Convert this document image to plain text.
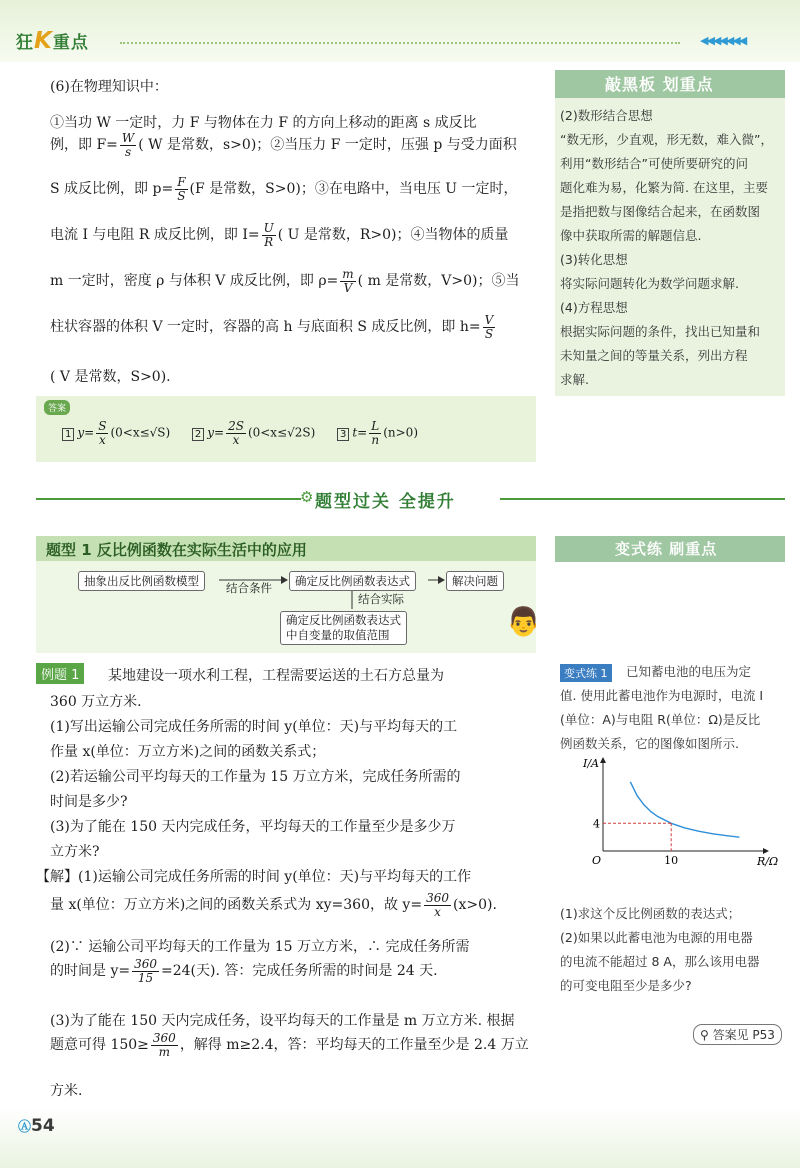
狂K重点	◀◀◀◀◀◀◀
(6)在物理知识中：
①当功 W 一定时，力 F 与物体在力 F 的方向上移动的距离 s 成反比
例，即 $F= \frac{W}{s}$ ( W 是常数，s>0)；②当压力 F 一定时，压强 p 与受力面积
S 成反比例，即 $p= \frac{F}{S} (F$ 是常数，S>0)；③在电路中，当电压 U 一定时，
电流 I 与电阻 R 成反比例，即 $I= \frac{U}{R}$ ( U 是常数，R>0)；④当物体的质量
m 一定时，密度 ρ 与体积 V 成反比例，即 $\rho= \frac{m}{V}$ ( m 是常数，V>0)；⑤当
柱状容器的体积 V 一定时，容器的高 h 与底面积 S 成反比例，即 $h= \frac{V}{S}$
( V 是常数，S>0).
答案
1 $y= \frac{S}{x} (0<x\le√S)$ 2 $y= \frac{2S}{x} (0<x\le√2S)$ 3 $t= \frac{L}{n} (n>0)$
敲黑板 划重点
(2)数形结合思想
“数无形，少直观，形无数，难入微”，
利用“数形结合”可使所要研究的问
题化难为易，化繁为简. 在这里，主要
是指把数与图像结合起来，在函数图
像中获取所需的解题信息.
(3)转化思想
将实际问题转化为数学问题求解.
(4)方程思想
根据实际问题的条件，找出已知量和
未知量之间的等量关系，列出方程
求解.
⚙ 题型过关 全提升
题型 1 反比例函数在实际生活中的应用
抽象出反比例函数模型	结合条件	确定反比例函数表达式	解决问题
结合实际
确定反比例函数表达式
中自变量的取值范围	👨
变式练 刷重点
变式练 1	已知蓄电池的电压为定
值. 使用此蓄电池作为电源时，电流 I
(单位：A)与电阻 R(单位：Ω)是反比
例函数关系，它的图像如图所示.
4
10
O	R/Ω
I/A
(1)求这个反比例函数的表达式；
(2)如果以此蓄电池为电源的用电器
的电流不能超过 8 A，那么该用电器
的可变电阻至少是多少?
⚲ 答案见 P53
例题 1	某地建设一项水利工程，工程需要运送的土石方总量为
360 万立方米.
(1)写出运输公司完成任务所需的时间 y(单位：天)与平均每天的工
作量 x(单位：万立方米)之间的函数关系式；
(2)若运输公司平均每天的工作量为 15 万立方米，完成任务所需的
时间是多少?
(3)为了能在 150 天内完成任务，平均每天的工作量至少是多少万
立方米?
【解】(1)运输公司完成任务所需的时间 y(单位：天)与平均每天的工作
量 x(单位：万立方米)之间的函数关系式为 xy=360，故 $y= \frac{360}{x} (x>0)$.
(2)∵ 运输公司平均每天的工作量为 15 万立方米，∴ 完成任务所需
的时间是 $y= \frac{360}{15} =24$(天). 答：完成任务所需的时间是 24 天.
(3)为了能在 150 天内完成任务，设平均每天的工作量是 m 万立方米. 根据
题意可得 $150\ge \frac{360}{m}$ ，解得 m≥2.4，答：平均每天的工作量至少是 2.4 万立
方米.
Ⓐ54
